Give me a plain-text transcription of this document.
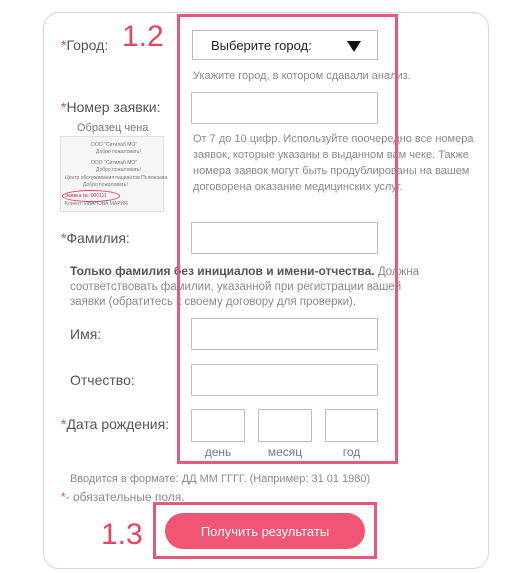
*Город: 1.2	Выберите город:
Укажите город, в котором сдавали анализ.
*Номер заявки:
Образец чена
ООО "Ситилаб МО"
Добро пожаловать!
ООО "Ситилаб МО"
Добро пожаловать!
Центр обслуживания пациентов Полежаева
Добро пожаловать!
Заявка №: 000111
Клиент: ИВАНОВА МАРИЯ
От 7 до 10 цифр. Используйте поочередно все номера заявок, которые указаны в выданном вам чеке. Также номера заявок могут быть продублированы на вашем договорена оказание медицинских услуг.
*Фамилия:
Только фамилия без инициалов и имени-отчества. Должна соответствовать фамилии, указанной при регистрации вашей заявки (обратитесь к своему договору для проверки).
Имя:
Отчество:
*Дата рождения:
день	месяц	год
Вводится в формате: ДД ММ ГГГГ. (Например: 31 01 1980)
*- обязательные поля.
1.3	Получить результаты
